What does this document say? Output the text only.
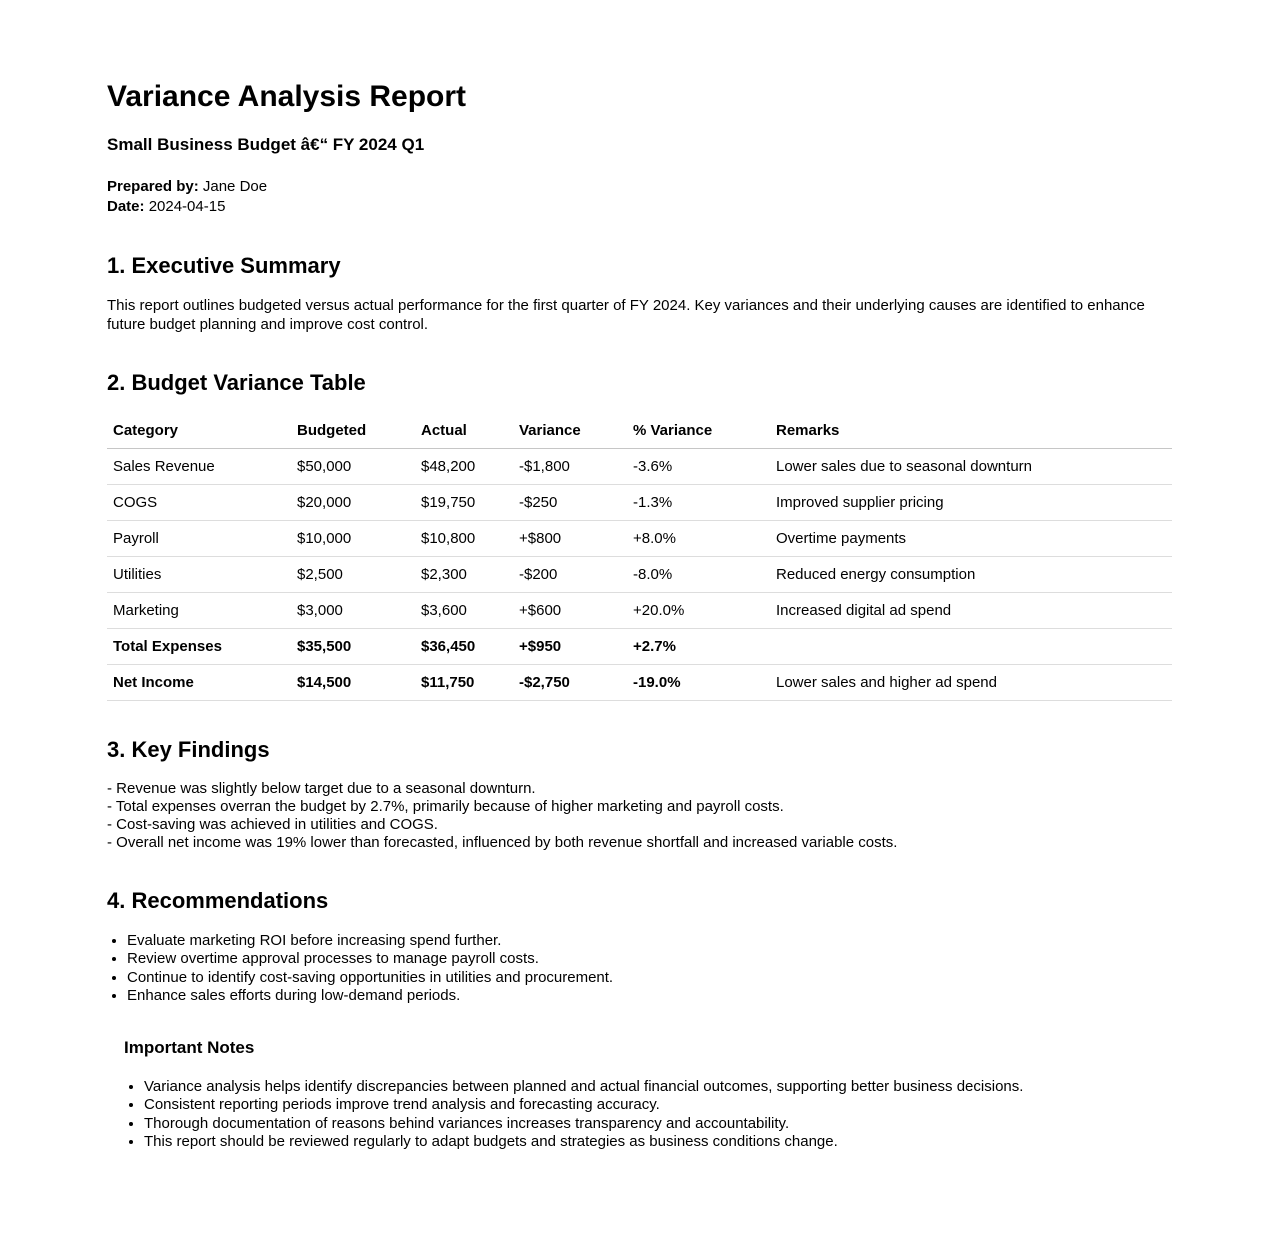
Variance Analysis Report
Small Business Budget â€“ FY 2024 Q1

Prepared by: Jane Doe
Date: 2024-04-15

1. Executive Summary

This report outlines budgeted versus actual performance for the first quarter of FY 2024. Key variances and their underlying causes are identified to enhance future budget planning and improve cost control.

2. Budget Variance Table
Category	Budgeted	Actual	Variance	% Variance	Remarks
Sales Revenue	$50,000	$48,200	-$1,800	-3.6%	Lower sales due to seasonal downturn
COGS	$20,000	$19,750	-$250	-1.3%	Improved supplier pricing
Payroll	$10,000	$10,800	+$800	+8.0%	Overtime payments
Utilities	$2,500	$2,300	-$200	-8.0%	Reduced energy consumption
Marketing	$3,000	$3,600	+$600	+20.0%	Increased digital ad spend
Total Expenses	$35,500	$36,450	+$950	+2.7%	
Net Income	$14,500	$11,750	-$2,750	-19.0%	Lower sales and higher ad spend
3. Key Findings

- Revenue was slightly below target due to a seasonal downturn.
- Total expenses overran the budget by 2.7%, primarily because of higher marketing and payroll costs.
- Cost-saving was achieved in utilities and COGS.
- Overall net income was 19% lower than forecasted, influenced by both revenue shortfall and increased variable costs.

4. Recommendations
• Evaluate marketing ROI before increasing spend further.
• Review overtime approval processes to manage payroll costs.
• Continue to identify cost-saving opportunities in utilities and procurement.
• Enhance sales efforts during low-demand periods.
Important Notes
• Variance analysis helps identify discrepancies between planned and actual financial outcomes, supporting better business decisions.
• Consistent reporting periods improve trend analysis and forecasting accuracy.
• Thorough documentation of reasons behind variances increases transparency and accountability.
• This report should be reviewed regularly to adapt budgets and strategies as business conditions change.
